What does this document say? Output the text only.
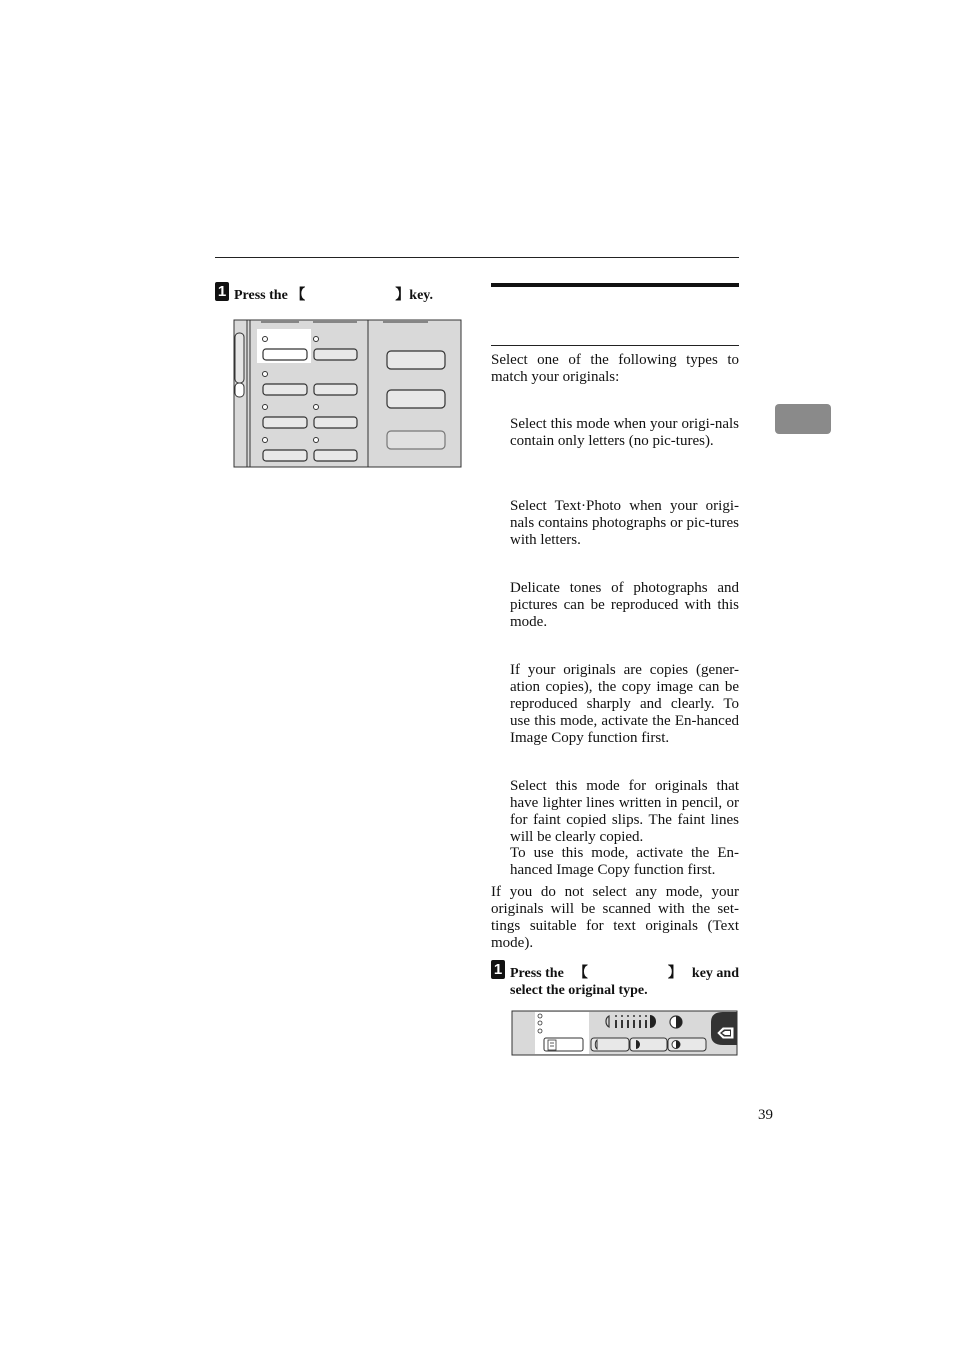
1 Press the 【	】key.
Select one of the following types to match your originals:
Select this mode when your origi-nals contain only letters (no pic-tures).
Select Text·Photo when your origi-nals contains photographs or pic-tures with letters.
Delicate tones of photographs and pictures can be reproduced with this mode.
If your originals are copies (gener-ation copies), the copy image can be reproduced sharply and clearly. To use this mode, activate the En-hanced Image Copy function first.
Select this mode for originals that have lighter lines written in pencil, or for faint copied slips. The faint lines will be clearly copied.
To use this mode, activate the En-hanced Image Copy function first.
If you do not select any mode, your originals will be scanned with the set-tings suitable for text originals (Text mode).
1 Press the 【	】 key and
select the original type.
39
